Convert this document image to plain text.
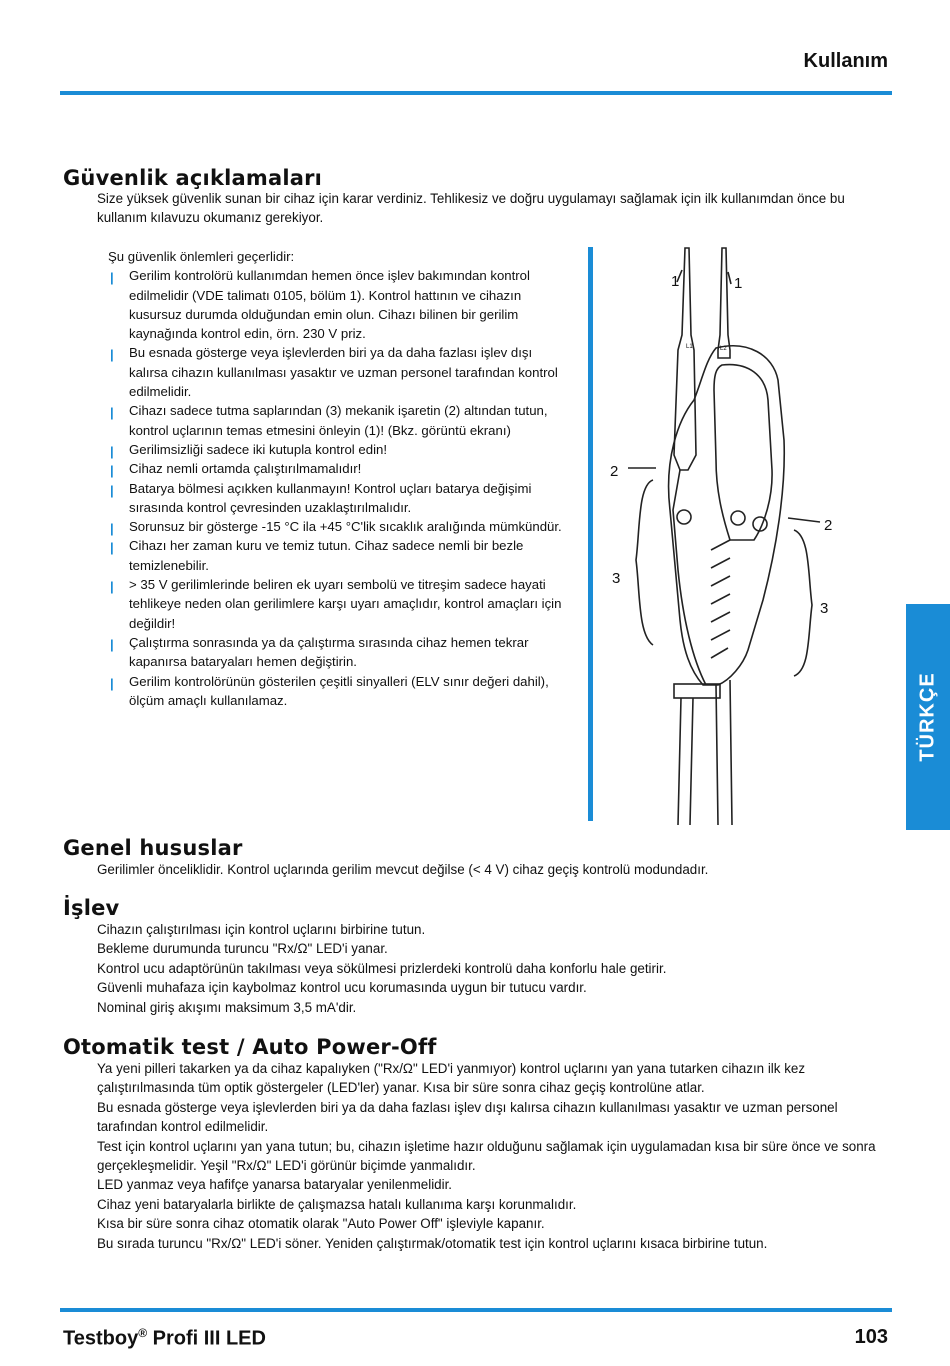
Kullanım
Güvenlik açıklamaları

Size yüksek güvenlik sunan bir cihaz için karar verdiniz. Tehlikesiz ve doğru uygulamayı sağlamak için ilk kullanımdan önce bu kullanım kılavuzu okumanız gerekiyor.

Şu güvenlik önlemleri geçerlidir:
| Gerilim kontrolörü kullanımdan hemen önce işlev bakımından kontrol edilmelidir (VDE talimatı 0105, bölüm 1). Kontrol hattının ve cihazın kusursuz durumda olduğundan emin olun. Cihazı bilinen bir gerilim kaynağında kontrol edin, örn. 230 V priz.
| Bu esnada gösterge veya işlevlerden biri ya da daha fazlası işlev dışı kalırsa cihazın kullanılması yasaktır ve uzman personel tarafından kontrol edilmelidir.
| Cihazı sadece tutma saplarından (3) mekanik işaretin (2) altından tutun, kontrol uçlarının temas etmesini önleyin (1)! (Bkz. görüntü ekranı)
| Gerilimsizliği sadece iki kutupla kontrol edin!
| Cihaz nemli ortamda çalıştırılmamalıdır!
| Batarya bölmesi açıkken kullanmayın! Kontrol uçları batarya değişimi sırasında kontrol çevresinden uzaklaştırılmalıdır.
| Sorunsuz bir gösterge -15 °C ila +45 °C'lik sıcaklık aralığında mümkündür.
| Cihazı her zaman kuru ve temiz tutun. Cihaz sadece nemli bir bezle temizlenebilir.
| > 35 V gerilimlerinde beliren ek uyarı sembolü ve titreşim sadece hayati tehlikeye neden olan gerilimlere karşı uyarı amaçlıdır, kontrol amaçları için değildir!
| Çalıştırma sonrasında ya da çalıştırma sırasında cihaz hemen tekrar kapanırsa bataryaları hemen değiştirin.
| Gerilim kontrolörünün gösterilen çeşitli sinyalleri (ELV sınır değeri dahil), ölçüm amaçlı kullanılamaz.
1	1
2
2
3
3
L1	L2
TÜRKÇE
Genel hususlar
Gerilimler önceliklidir. Kontrol uçlarında gerilim mevcut değilse (< 4 V) cihaz geçiş kontrolü modundadır.
İşlev
Cihazın çalıştırılması için kontrol uçlarını birbirine tutun.
Bekleme durumunda turuncu "Rx/Ω" LED'i yanar.
Kontrol ucu adaptörünün takılması veya sökülmesi prizlerdeki kontrolü daha konforlu hale getirir.
Güvenli muhafaza için kaybolmaz kontrol ucu korumasında uygun bir tutucu vardır.
Nominal giriş akışımı maksimum 3,5 mA'dir.
Otomatik test / Auto Power-Off
Ya yeni pilleri takarken ya da cihaz kapalıyken ("Rx/Ω" LED'i yanmıyor) kontrol uçlarını yan yana tutarken cihazın ilk kez çalıştırılmasında tüm optik göstergeler (LED'ler) yanar. Kısa bir süre sonra cihaz geçiş kontrolüne atlar.
Bu esnada gösterge veya işlevlerden biri ya da daha fazlası işlev dışı kalırsa cihazın kullanılması yasaktır ve uzman personel tarafından kontrol edilmelidir.
Test için kontrol uçlarını yan yana tutun; bu, cihazın işletime hazır olduğunu sağlamak için uygulamadan kısa bir süre önce ve sonra gerçekleşmelidir. Yeşil "Rx/Ω" LED'i görünür biçimde yanmalıdır.
LED yanmaz veya hafifçe yanarsa bataryalar yenilenmelidir.
Cihaz yeni bataryalarla birlikte de çalışmazsa hatalı kullanıma karşı korunmalıdır.
Kısa bir süre sonra cihaz otomatik olarak "Auto Power Off" işleviyle kapanır.
Bu sırada turuncu "Rx/Ω" LED'i söner. Yeniden çalıştırmak/otomatik test için kontrol uçlarını kısaca birbirine tutun.
Testboy® Profi III LED	103
